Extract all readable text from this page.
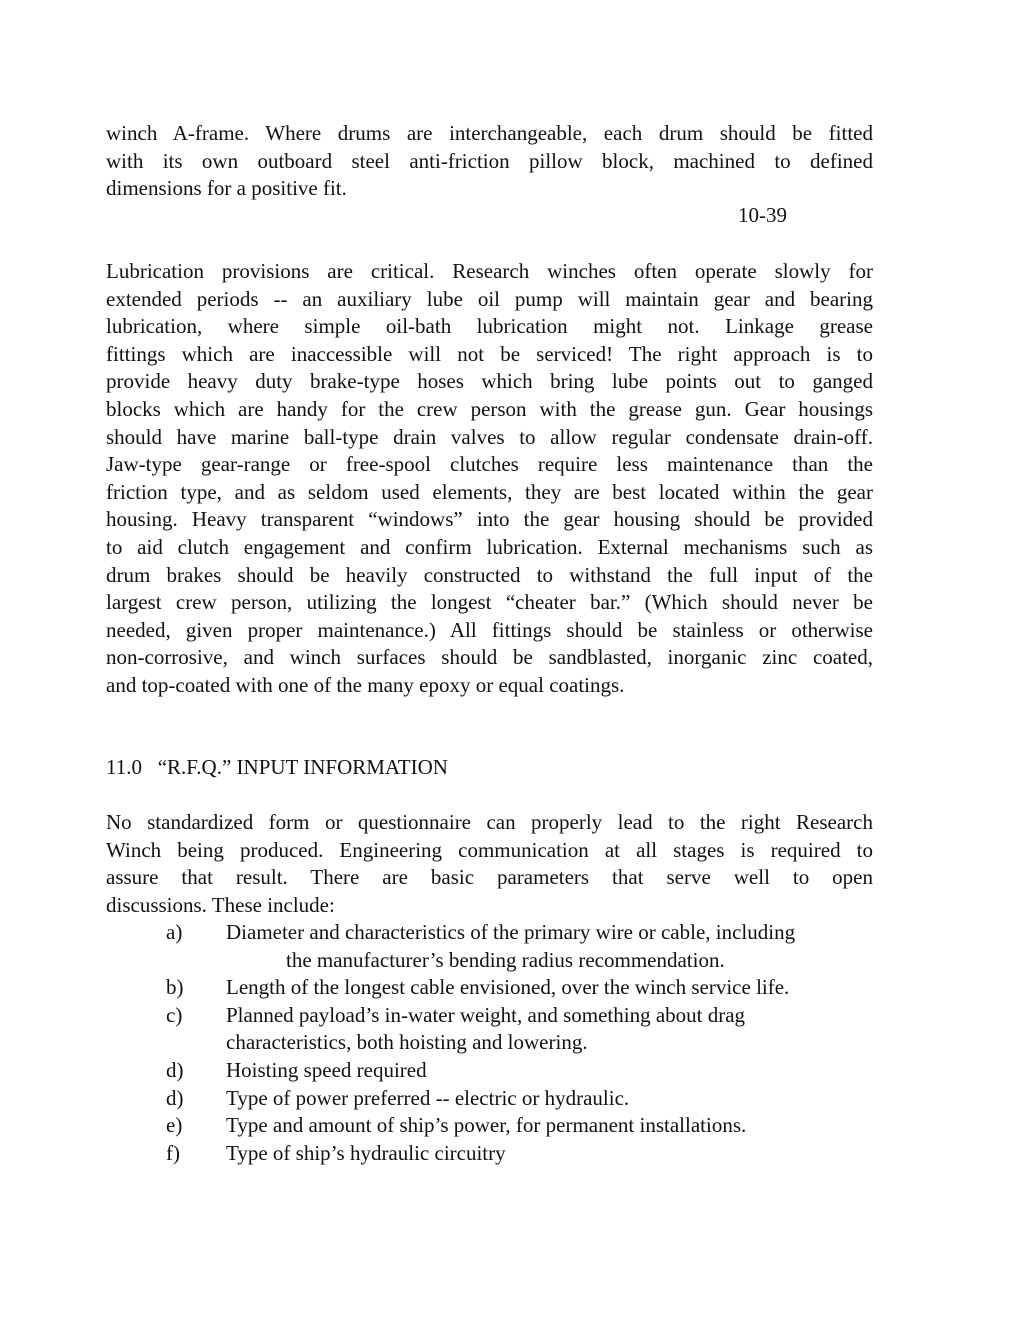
winch A-frame. Where drums are interchangeable, each drum should be fitted
with its own outboard steel anti-friction pillow block, machined to defined
dimensions for a positive fit.
10-39
Lubrication provisions are critical. Research winches often operate slowly for
extended periods -- an auxiliary lube oil pump will maintain gear and bearing
lubrication, where simple oil-bath lubrication might not. Linkage grease
fittings which are inaccessible will not be serviced! The right approach is to
provide heavy duty brake-type hoses which bring lube points out to ganged
blocks which are handy for the crew person with the grease gun. Gear housings
should have marine ball-type drain valves to allow regular condensate drain-off.
Jaw-type gear-range or free-spool clutches require less maintenance than the
friction type, and as seldom used elements, they are best located within the gear
housing. Heavy transparent “windows” into the gear housing should be provided
to aid clutch engagement and confirm lubrication. External mechanisms such as
drum brakes should be heavily constructed to withstand the full input of the
largest crew person, utilizing the longest “cheater bar.” (Which should never be
needed, given proper maintenance.) All fittings should be stainless or otherwise
non-corrosive, and winch surfaces should be sandblasted, inorganic zinc coated,
and top-coated with one of the many epoxy or equal coatings.
11.0   “R.F.Q.” INPUT INFORMATION
No standardized form or questionnaire can properly lead to the right Research
Winch being produced. Engineering communication at all stages is required to
assure that result. There are basic parameters that serve well to open
discussions. These include:
a) Diameter and characteristics of the primary wire or cable, including
the manufacturer’s bending radius recommendation.
b) Length of the longest cable envisioned, over the winch service life.
c) Planned payload’s in-water weight, and something about drag
characteristics, both hoisting and lowering.
d) Hoisting speed required
d) Type of power preferred -- electric or hydraulic.
e) Type and amount of ship’s power, for permanent installations.
f) Type of ship’s hydraulic circuitry
